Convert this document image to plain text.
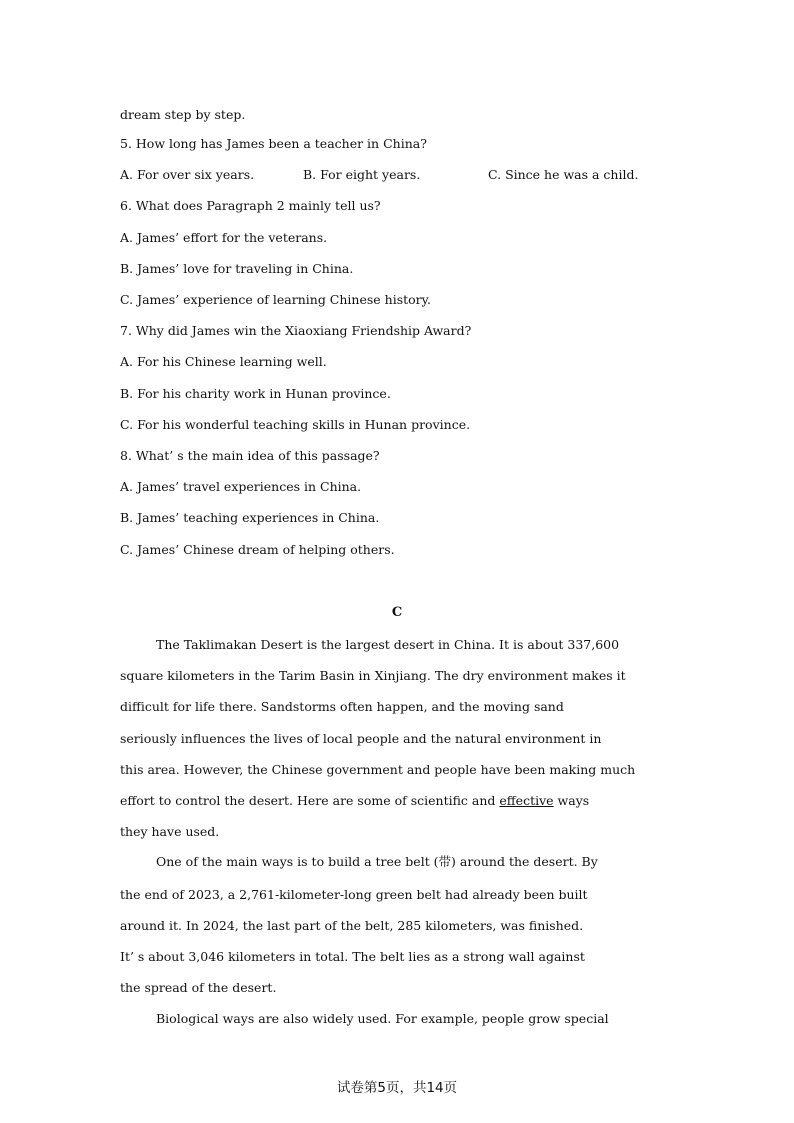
dream step by step.
5. How long has James been a teacher in China?
A. For over six years.	B. For eight years.	C. Since he was a child.
6. What does Paragraph 2 mainly tell us?
A. James’ effort for the veterans.
B. James’ love for traveling in China.
C. James’ experience of learning Chinese history.
7. Why did James win the Xiaoxiang Friendship Award?
A. For his Chinese learning well.
B. For his charity work in Hunan province.
C. For his wonderful teaching skills in Hunan province.
8. What’ s the main idea of this passage?
A. James’ travel experiences in China.
B. James’ teaching experiences in China.
C. James’ Chinese dream of helping others.
C
The Taklimakan Desert is the largest desert in China. It is about 337,600
square kilometers in the Tarim Basin in Xinjiang. The dry environment makes it
difficult for life there. Sandstorms often happen, and the moving sand
seriously influences the lives of local people and the natural environment in
this area. However, the Chinese government and people have been making much
effort to control the desert. Here are some of scientific and effective ways
they have used.
One of the main ways is to build a tree belt (带) around the desert. By
the end of 2023, a 2,761-kilometer-long green belt had already been built
around it. In 2024, the last part of the belt, 285 kilometers, was finished.
It’ s about 3,046 kilometers in total. The belt lies as a strong wall against
the spread of the desert.
Biological ways are also widely used. For example, people grow special
试卷第5页，共14页
